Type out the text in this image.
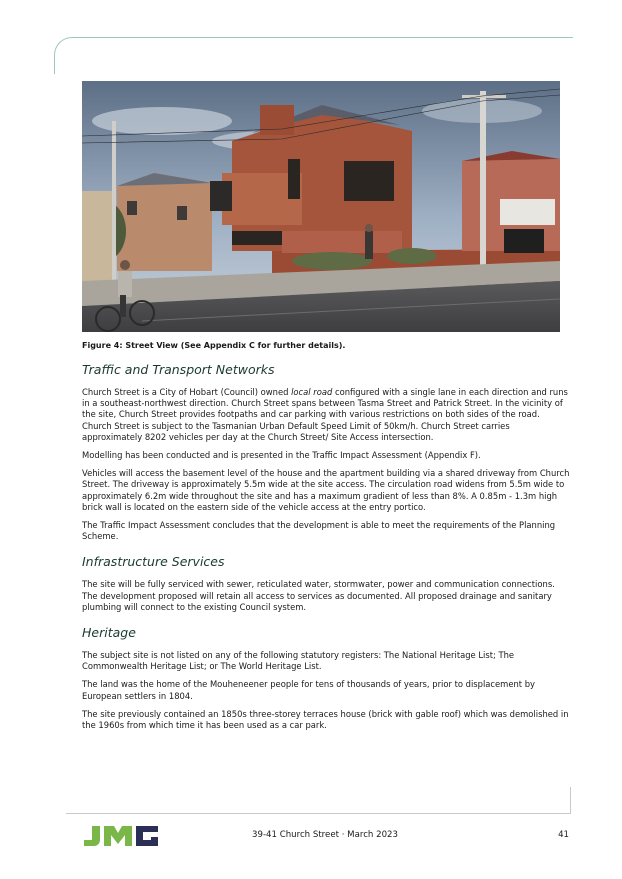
Figure 4: Street View (See Appendix C for further details).
Traffic and Transport Networks

Church Street is a City of Hobart (Council) owned local road configured with a single lane in each direction and runs in a southeast-northwest direction. Church Street spans between Tasma Street and Patrick Street. In the vicinity of the site, Church Street provides footpaths and car parking with various restrictions on both sides of the road. Church Street is subject to the Tasmanian Urban Default Speed Limit of 50km/h. Church Street carries approximately 8202 vehicles per day at the Church Street/ Site Access intersection.

Modelling has been conducted and is presented in the Traffic Impact Assessment (Appendix F).

Vehicles will access the basement level of the house and the apartment building via a shared driveway from Church Street. The driveway is approximately 5.5m wide at the site access. The circulation road widens from 5.5m wide to approximately 6.2m wide throughout the site and has a maximum gradient of less than 8%. A 0.85m - 1.3m high brick wall is located on the eastern side of the vehicle access at the entry portico.

The Traffic Impact Assessment concludes that the development is able to meet the requirements of the Planning Scheme.

Infrastructure Services

The site will be fully serviced with sewer, reticulated water, stormwater, power and communication connections. The development proposed will retain all access to services as documented. All proposed drainage and sanitary plumbing will connect to the existing Council system.

Heritage

The subject site is not listed on any of the following statutory registers: The National Heritage List; The Commonwealth Heritage List; or The World Heritage List.

The land was the home of the Mouheneener people for tens of thousands of years, prior to displacement by European settlers in 1804.

The site previously contained an 1850s three-storey terraces house (brick with gable roof) which was demolished in the 1960s from which time it has been used as a car park.

39-41 Church Street · March 2023	41
